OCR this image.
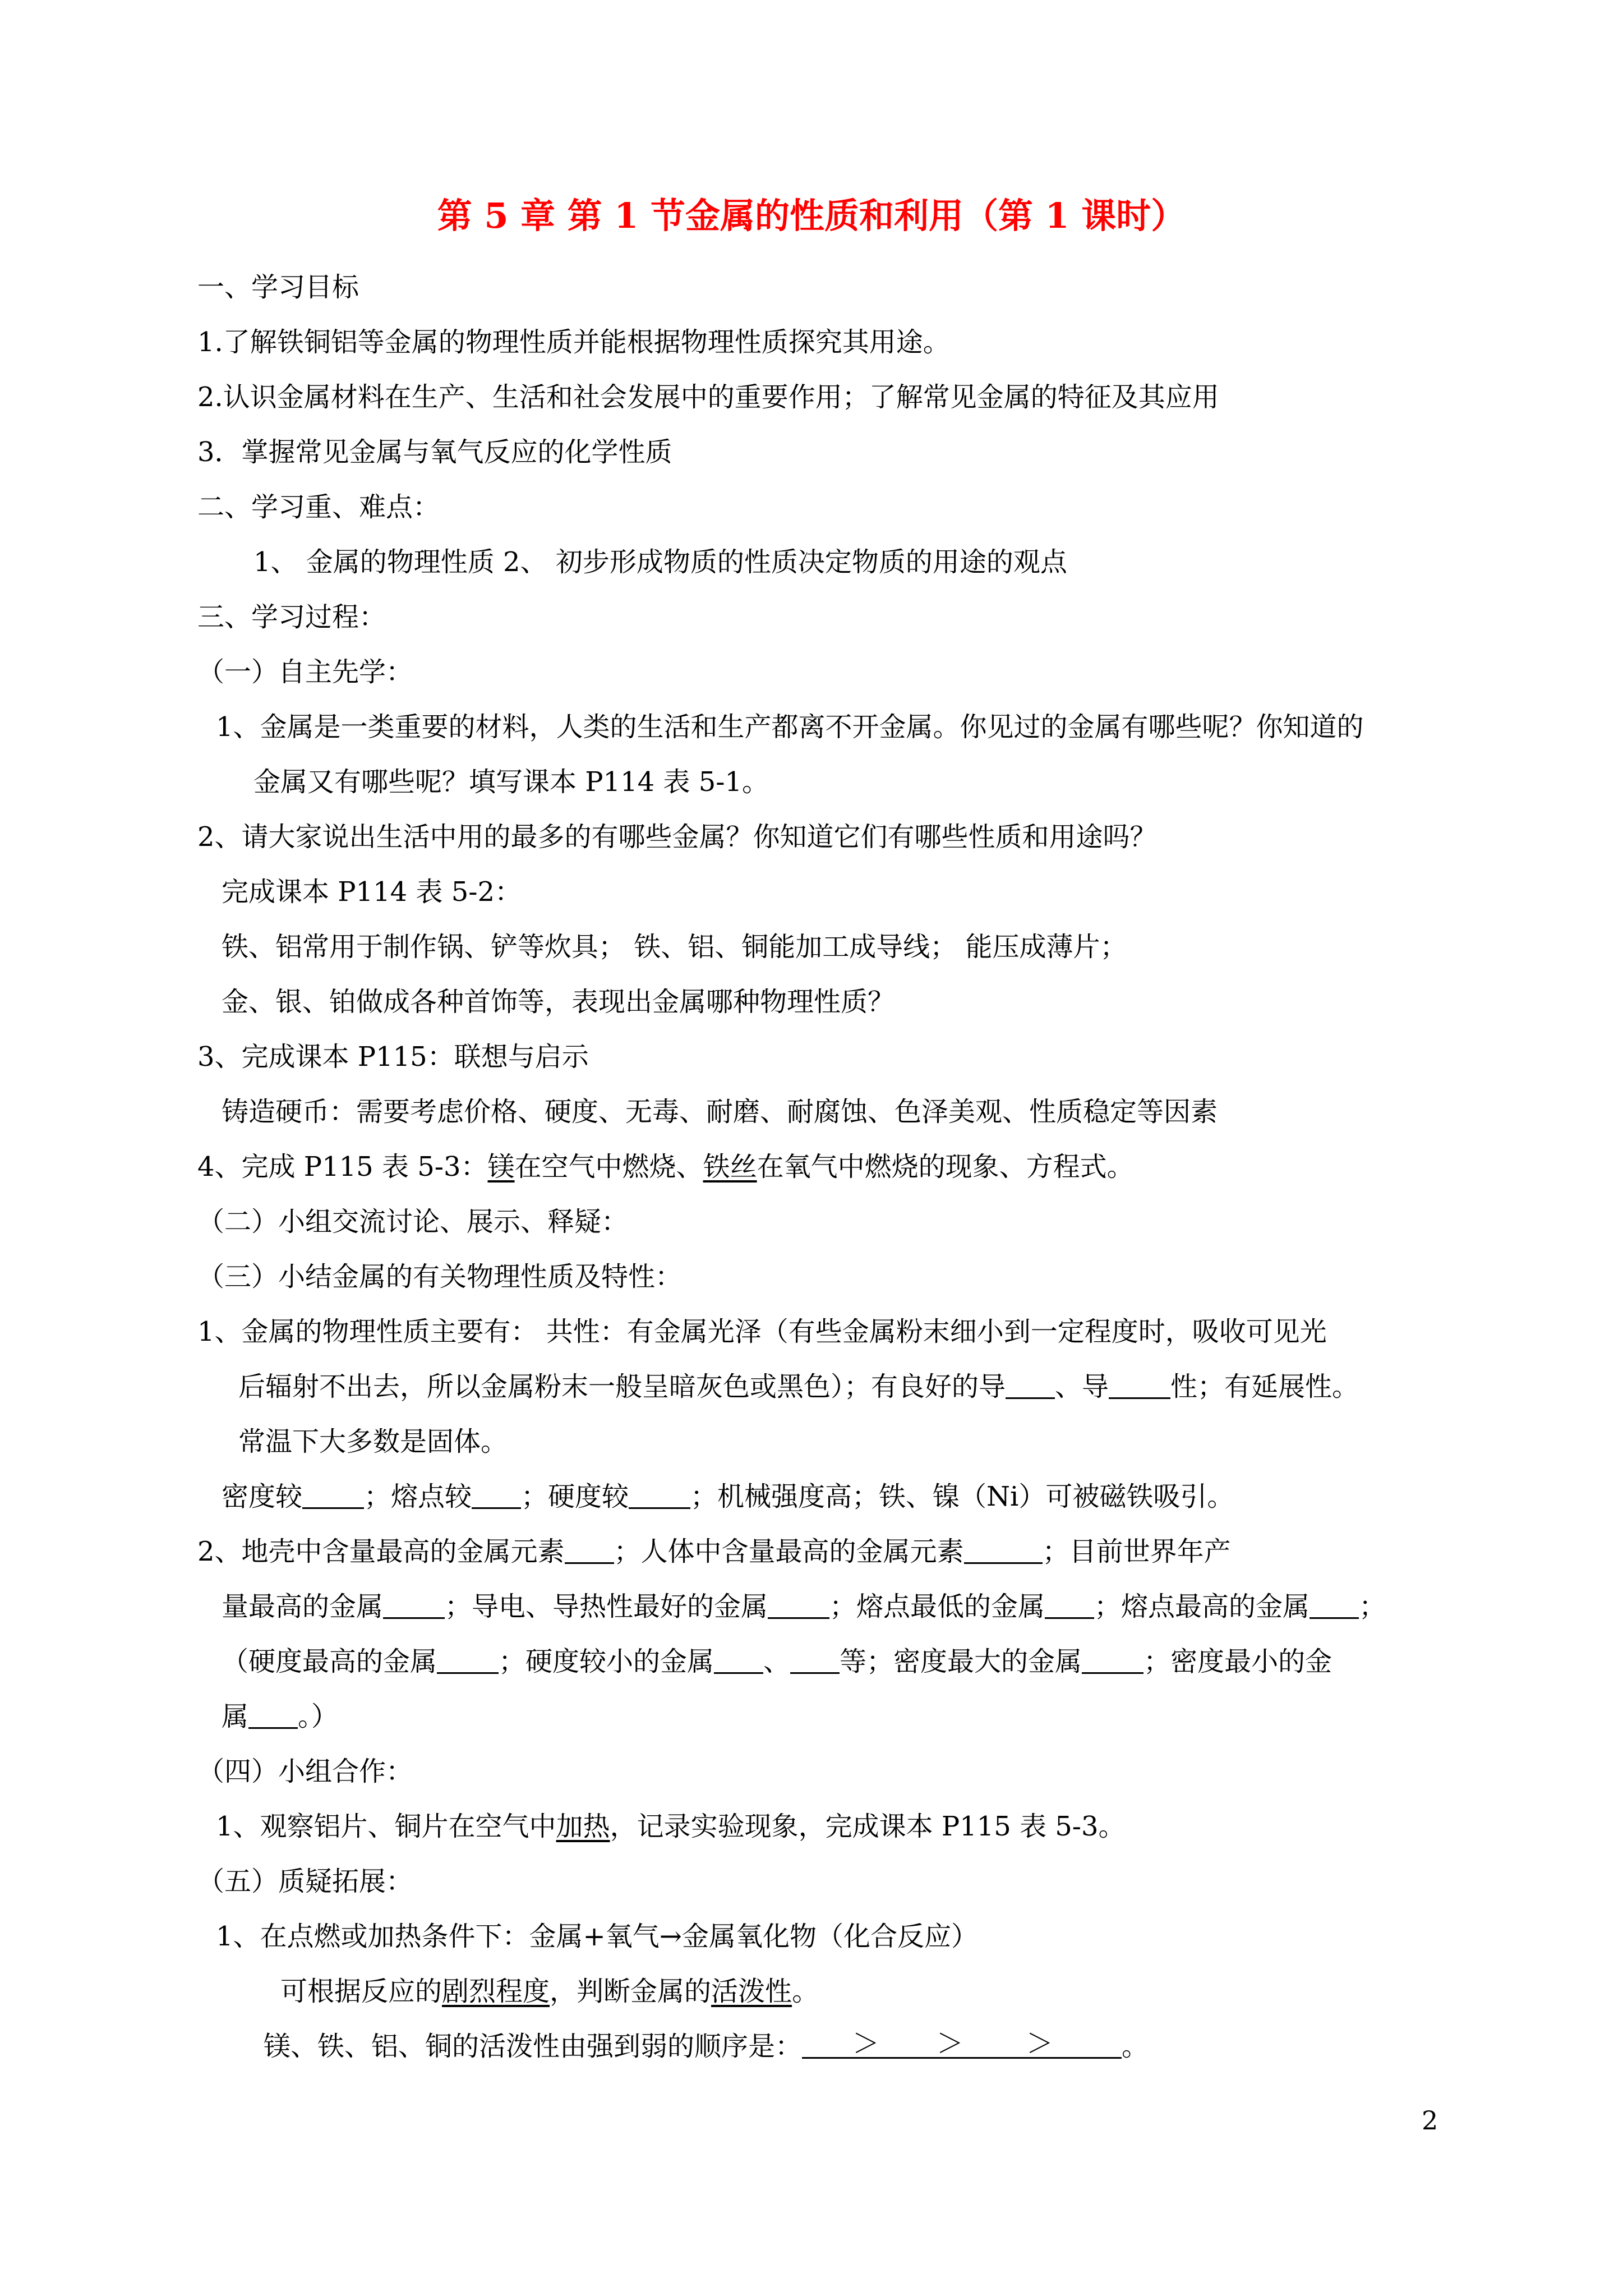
第 5 章 第 1 节金属的性质和利用（第 1 课时）
一、学习目标
1.了解铁铜铝等金属的物理性质并能根据物理性质探究其用途。
2.认识金属材料在生产、生活和社会发展中的重要作用；了解常见金属的特征及其应用
3．掌握常见金属与氧气反应的化学性质
二、学习重、难点：
1、 金属的物理性质 2、 初步形成物质的性质决定物质的用途的观点
三、学习过程：
（一）自主先学：
1、金属是一类重要的材料，人类的生活和生产都离不开金属。你见过的金属有哪些呢？你知道的
金属又有哪些呢？填写课本 P114 表 5-1。
2、请大家说出生活中用的最多的有哪些金属？你知道它们有哪些性质和用途吗？
完成课本 P114 表 5-2：
铁、铝常用于制作锅、铲等炊具； 铁、铝、铜能加工成导线； 能压成薄片；
金、银、铂做成各种首饰等，表现出金属哪种物理性质？
3、完成课本 P115：联想与启示
铸造硬币：需要考虑价格、硬度、无毒、耐磨、耐腐蚀、色泽美观、性质稳定等因素
4、完成 P115 表 5-3：镁在空气中燃烧、铁丝在氧气中燃烧的现象、方程式。
（二）小组交流讨论、展示、释疑：
（三）小结金属的有关物理性质及特性：
1、金属的物理性质主要有： 共性：有金属光泽（有些金属粉末细小到一定程度时，吸收可见光
后辐射不出去，所以金属粉末一般呈暗灰色或黑色）；有良好的导 、导 性；有延展性。
常温下大多数是固体。
密度较 ；熔点较 ；硬度较 ；机械强度高；铁、镍（Ni）可被磁铁吸引。
2、地壳中含量最高的金属元素 ；人体中含量最高的金属元素	；目前世界年产
量最高的金属 ；导电、导热性最好的金属 ；熔点最低的金属 ；熔点最高的金属 ；
（硬度最高的金属 ；硬度较小的金属 、 等；密度最大的金属 ；密度最小的金
属 。）
（四）小组合作：
1、观察铝片、铜片在空气中加热，记录实验现象，完成课本 P115 表 5-3。
（五）质疑拓展：
1、在点燃或加热条件下：金属+氧气→金属氧化物（化合反应）
可根据反应的剧烈程度，判断金属的活泼性。
镁、铁、铝、铜的活泼性由强到弱的顺序是： ＞ ＞ ＞	。
2
